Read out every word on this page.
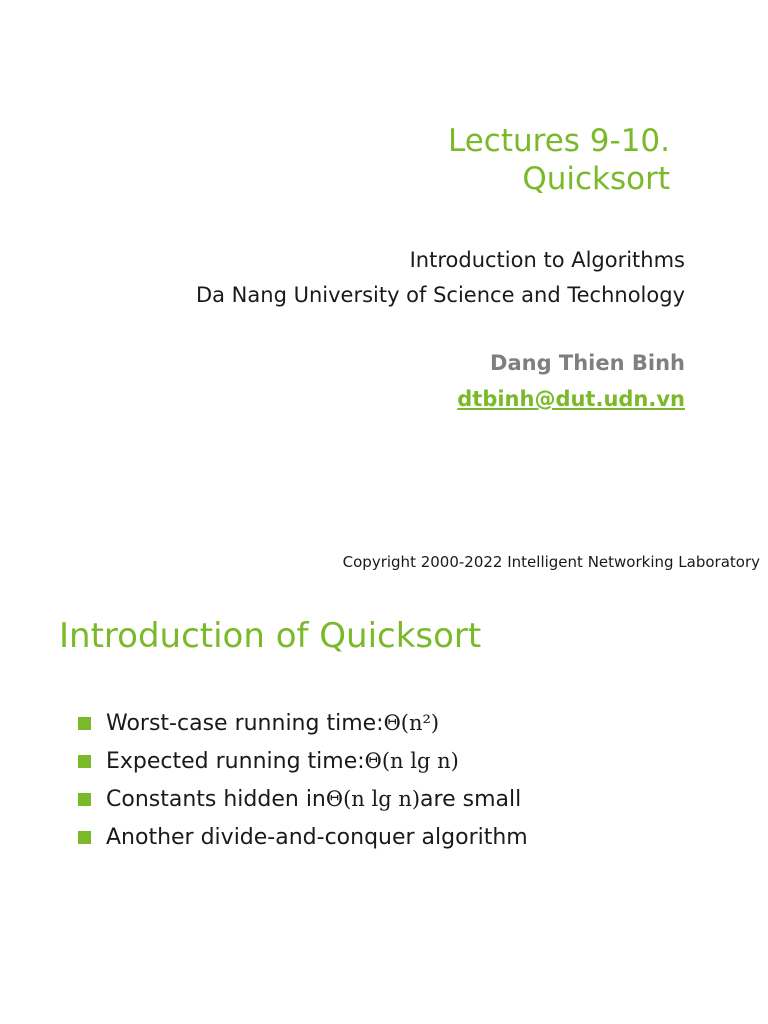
Lectures 9-10.
Quicksort
Introduction to Algorithms
Da Nang University of Science and Technology
Dang Thien Binh
dtbinh@dut.udn.vn
Copyright 2000-2022 Intelligent Networking Laboratory
Introduction of Quicksort
Worst-case running time: Θ(n²)
Expected running time: Θ(n lg n)
Constants hidden in Θ(n lg n) are small
Another divide-and-conquer algorithm
